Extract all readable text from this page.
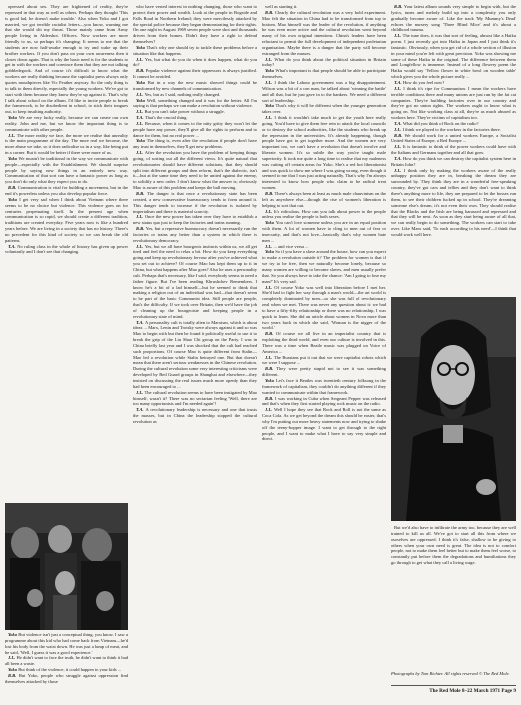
opressed about sex. They are frightened of reality, they're repressed in that way as well as others. Perhaps they thought 'This is good lad, he doesn't make trouble.' Also when Yoko and I got married, we got terrible racialist letters—you know, warning me that she would slit my throat. Those mainly came from Army people living in Aldershot. Officers. Now workers are more friendly to us, so perhaps it's changing. It seems to me that the students are now half-awake enough to try and wake up their brother workers. If you don't pass on your own awareness then it closes down again. That is why the basic need is for the students to get in with the workers and convince them that they are not talking gobbledegook. And of course it's difficult to know what the workers are really thinking because the capitalist press always only quotes mouthpieces like Vic Feather anyway. So the only thing is to talk to them directly, especially the young workers. We've got to start with them because they know they're up against it. That's why I talk about school on the album. I'd like to incite people to break the framework, to be disobedient in school, to stick their tongues out, to keep insulting authority.

Yoko We are very lucky really, because we can create our own reality. John and me, but we know the important thing is to communicate with other people.

J.L. The more reality we face, the more we realise that unreality is the main programme of the day. The more real we become, the more abuse we take, so it does radicalise us in a way, like being put in a corner. But it would be better if there were more of us.

Yoko We mustn't be traditional in the way we communicate with people—especially with the Establishment. We should surprise people by saying new things in an entirely new way. Communication of that sort can have a fantastic power as long as you don't do only what they expect you to do.

R.B. Communication is vital for building a movement, but in the end it's powerless unless you also develop popular force.

Yoko I get very sad when I think about Vietnam where there seems to be no choice but violence. This violence goes on for centuries perpetuating itself. In the present age when communication is so rapid, we should create a different tradition, traditions are created everyday. Five years now is like a hundred years before. We are living in a society that has no history. There's no precedent for this kind of society so we can break the old patterns.

T.A. No ruling class in the whole of history has given up power voluntarily and I don't see that changing.

Yoko But violence isn't just a conceptual thing, you know. I saw a programme about this kid who had come back from Vietnam—he'd lost his body from the waist down. He was just a lump of meat, and he said, 'Well, I guess it was a good experience.'

J.L. He didn't want to face the truth, he didn't want to think it had all been a waste.

Yoko But think of the violence, it could happen to your kids ...

R.B. But Yoko, people who struggle against oppression find themselves attacked by those

who have vested interest in nothing changing, those who want to protect their power and wealth. Look at the people in Bogside and Falls Road in Northern Ireland; they were mercilessly attacked by the special police because they began demonstrating for their rights. On one night in August 1969 seven people were shot and thousands driven from their homes. Didn't they have a right to defend themselves?

Yoko That's why one should try to tackle these problems before a situation like that happens.

J.L. Yes, but what do you do when it does happen, what do you do?

R.B. Popular violence against their oppressors is always justified. It cannot be avoided.

Yoko But in a way the new music showed things could be transformed by new channels of communication.

J.L. Yes, but as I said, nothing really changed.

Yoko Well, something changed and it was for the better. All I'm saying is that perhaps we can make a revolution without violence.

J.L. But you can't take power without a struggle.

T.A. That's the crucial thing.

J.L. Because, when it comes to the nitty gritty they won't let the people have any power, they'll give all the rights to perform and to dance for them, but no real power ...

Yoko The thing is, even after the revolution if people don't have any trust in themselves, they'll get new problems.

J.L. After the revolution you have the problem of keeping things going, of sorting out all the different views. It's quite natural that revolutionaries should have different solutions, that they should split into different groups and then reform, that's the dialectic, isn't it—but at the same time they need to be united against the enemy, to solidify a new order. I don't know what the answer is; obviously Mao is aware of this problem and keeps the ball moving.

R.B. The danger is that once a revolutionary state has been created, a new conservative bureaucracy tends to form around it. This danger tends to increase if the revolution is isolated by imperialism and there is material scarcity.

J.L. Once the new power has taken over they have to establish a new status quo just to keep the factories and trains running.

R.B. Yes, but a repressive bureaucracy doesn't necessarily run the factories or trains any better than a system in which there is revolutionary democracy.

J.L. Yes, but we all have bourgeois instincts within us, we all get tired and feel the need to relax a bit. How do you keep everything going and keep up revolutionary fervour after you've achieved what you set out to achieve? Of course Mao has kept them up to it in China, but what happens after Mao goes? Also he uses a personality cult. Perhaps that's necessary, like I said, everybody seems to need a father figure. But I've been reading Khrushchev Remembers. I know he's a bit of a lad himself—but he seemed to think that making a religion out of an individual was bad—that doesn't seem to be part of the basic Communist idea. Still people are people, that's the difficulty. If we took over Britain, then we'd have the job of cleaning up the bourgeoisie and keeping people in a revolutionary state of mind.

T.A. A personality cult is totally alien to Marxism, which is about ideas ... Marx, Lenin and Trotsky were always against it and so was Mao to begin with but then he found it politically useful to use it to break the grip of the Liu Shao Chi group on the Party. I was in China briefly last year and I was shocked that the cult had reached such proportions. Of course Mao is quite different from Stalin—Mao led a revolution while Stalin betrayed one. But that doesn't mean that there aren't serious weaknesses in the Chinese revolution. During the cultural revolution some very interesting criticisms were developed by Red Guard groups in Shanghai and elsewhere—they insisted on discussing the real issues much more openly than they had been encouraged to ...

J.L. The cultural revolution seems to have been instigated by Mao himself, wasn't it? There was no sectarian feeling 'Well, there are too many opportunists and I'm needed again'?

T.A. A revolutionary leadership is necessary and one that trusts the masses, but in China the leadership stopped the cultural revolution as

well as starting it.

R.B. Clearly the cultural revolution was a very bold experiment. Mao felt the situation in China had to be transformed from top to bottom. Mao himself was the leader of the revolution, if anything he was even more active and the cultural revolution went beyond many of his own original intentions. China's leaders have been reluctant to permit the full development of independent proletarian organisation. Maybe there is a danger that the party will become estranged from the masses.

J.L. What do you think about the political situation in Britain today?

Yoko What's important is that people should be able to participate themselves.

J.L. I think the Labour government was a big disappointment. Wilson was a bit of a con man, he talked about 'winning the battle' and all that, but he just gave in to the bankers. We need a different sort of leadership.

Yoko That's why it will be different when the younger generation takes over.

J.L. I think it wouldn't take much to get the youth here really going. You'd have to give them free rein to attack the local councils or to destroy the school authorities, like the students who break up the repression in the universities. It's already happening, though people have got to get together more. And the women are very important too, we can't have a revolution that doesn't involve and liberate women. It's so subtle the way you're taught male superiority. It took me quite a long time to realise that my maleness was cutting off certain areas for Yoko. She's a red hot liberationist and was quick to show me where I was going wrong, even though it seemed to me that I was just acting naturally. That's why I'm always interested to know how people who claim to be radical treat women.

R.B. There's always been at least as much male chauvinism on the left as anywhere else—though the rise of women's liberation is helping to sort that out.

J.L. It's ridiculous. How can you talk about power to the people unless you realise the people is both sexes.

Yoko You can't love someone unless you are in an equal position with them. A lot of women have to cling to men out of fear or insecurity, and that's not love—basically that's why women hate men ...

J.L. ... and vice versa ...

Yoko So if you have a slave around the house, how can you expect to make a revolution outside it? The problem for women is that if we try to be free, then we naturally become lonely, because so many women are willing to become slaves, and men usually prefer that. So you always have to take the chance: 'Am I going to lose my man?' It's very sad.

J.L. Of course Yoko was well into liberation before I met her. She'd had to fight her way through a man's world—the art world is completely dominated by men—so she was full of revolutionary zeal when we met. There was never any question about it: we had to have a fifty-fifty relationship or there was no relationship, I was quick to learn. She did an article about women in Nova more than two years back in which she said, 'Woman is the nigger of the world.'

R.B. Of course we all live in an imperialist country that is exploiting the third world, and even our culture is involved in this. There was a time when Beatle music was plugged on Voice of America ...

J.L. The Russians put it out that we were capitalist robots which we were I suppose ...

R.B. They were pretty stupid not to see it was something different.

Yoko Let's face it Beatles was twentieth century folksong in the framework of capitalism, they couldn't do anything different if they wanted to communicate within that framework.

R.B. I was working in Cuba when Sergeant Pepper was released and that's when they first started playing rock music on the radio.

J.L. Well I hope they see that Rock and Roll is not the same as Coca Cola. As we get beyond the dream this should be easier, that's why I'm putting out more heavy statements now and trying to shake off the teeny-bopper image. I want to get through to the right people, and I want to make what I have to say very simple and direct.

R.B. Your latest album sounds very simple to begin with, but the lyrics, tunes and melody build up into a complexity you only gradually become aware of. Like the track 'My Mummy's Dead' echoes the nursery song 'Three Blind Mice' and it's about a childhood trauma.

J.L. The tune does, it was that sort of feeling, almost like a Haiku poem. I just recently got into Haiku in Japan and I just think it's fantastic. Obviously, when you get rid of a whole section of illusion in your mind you're left with great precision. Yoko was showing me some of these Haiku in the original. The difference between them and Longfellow is immense. Instead of a long flowery poem the Haiku would say 'Yellow flower in white bowl on wooden table' which gives you the whole picture really ...

T.A. How do you feel now?

J.L. I think it's ripe for Communism. I mean the workers have terrible conditions there and many unions are just run by the fat cat companies. They're building factories over in our country and they've got no union rights. The workers ought to know what is going on. Not like working class at all, they're as much abused as workers here. They're victims of capitalism too.

T.A. What did you think of Rock on the radio?

J.L. I think we played to the workers in the factories there.

R.B. We should work for a united workers Europe, a Socialist United States of Europe, a Red Europe ...

J.L. It is fantastic to think of the power workers could have with the Italians and Germans together and all that goes.

T.A. How do you think we can destroy the capitalist system here in Britain John?

J.L. I think only by making the workers aware of the really unhappy position they are in, breaking the dream they are surrounded by. They think they are in a wonderful free-speaking country, they've got cars and tellies and they don't want to think there's anything more to life, they are prepared to let the bosses run them, to see their children fucked up in school. They're dreaming someone else's dream, it's not even their own. They should realise that the Blacks and the Irish are being harassed and repressed and that they will be next. As soon as they start being aware of all that, we can really begin to do something. The workers can start to take over. Like Marx said, 'To each according to his need'—I think that would work well here.

But we'd also have to infiltrate the army too, because they are well trained to kill us all. We've got to start all this from where we ourselves are oppressed. I think it's false, shallow to be giving to others when your own need is great. The idea is not to comfort people, not to make them feel better but to make them feel worse, to constantly put before them the degradations and humiliations they go through to get what they call a living wage.

Photographs by Tom Richter. All rights reserved © The Red Mole.
The Red Mole 8–22 March 1971 Page 9
